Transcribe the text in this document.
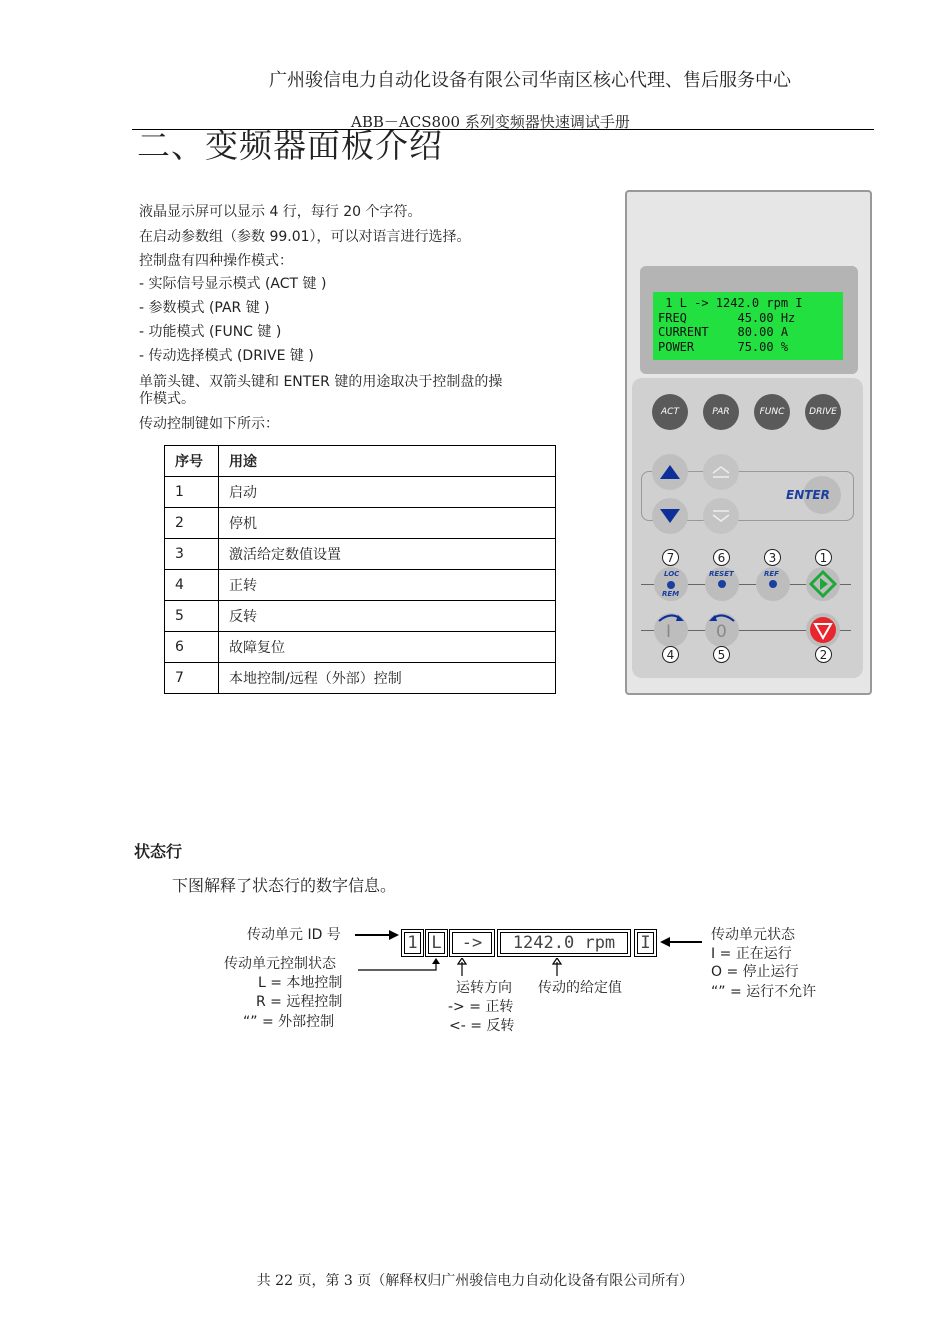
广州骏信电力自动化设备有限公司华南区核心代理、售后服务中心
二、变频器面板介绍
ABB－ACS800 系列变频器快速调试手册
液晶显示屏可以显示 4 行，每行 20 个字符。
在启动参数组（参数 99.01），可以对语言进行选择。
控制盘有四种操作模式：
- 实际信号显示模式 (ACT 键 )
- 参数模式 (PAR 键 )
- 功能模式 (FUNC 键 )
- 传动选择模式 (DRIVE 键 )
单箭头键、双箭头键和 ENTER 键的用途取决于控制盘的操
作模式。
传动控制键如下所示：
序号	用途
1	启动
2	停机
3	激活给定数值设置
4	正转
5	反转
6	故障复位
7	本地控制/远程（外部）控制
1 L -> 1242.0 rpm I
FREQ       45.00 Hz
CURRENT    80.00 A
POWER      75.00 %
ACT	PAR	FUNC	DRIVE
ENTER
7	6	3	1
LOC
REM
RESET	REF
I	0
4	5	2
状态行
下图解释了状态行的数字信息。
传动单元 ID 号	1 L	->	1242.0 rpm	I
传动单元控制状态
L = 本地控制
R = 远程控制
“” = 外部控制
运转方向
-> = 正转
<- = 反转
传动的给定值
传动单元状态
I = 正在运行
O = 停止运行
“” = 运行不允许
共 22 页，第 3 页（解释权归广州骏信电力自动化设备有限公司所有）
